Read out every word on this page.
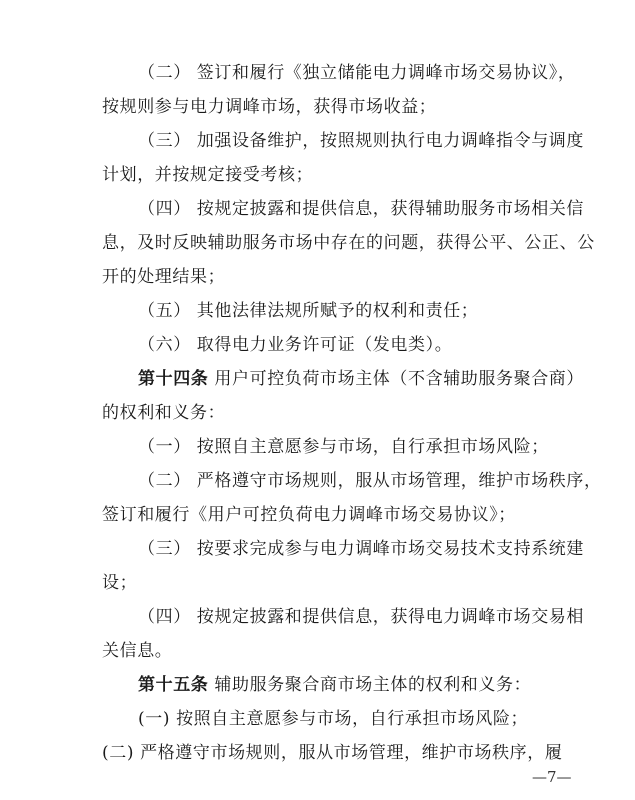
（二） 签订和履行《独立储能电力调峰市场交易协议》，
按规则参与电力调峰市场，获得市场收益；
（三） 加强设备维护，按照规则执行电力调峰指令与调度
计划，并按规定接受考核；
（四） 按规定披露和提供信息，获得辅助服务市场相关信
息，及时反映辅助服务市场中存在的问题，获得公平、公正、公
开的处理结果；
（五） 其他法律法规所赋予的权利和责任；
（六） 取得电力业务许可证（发电类）。
第十四条 用户可控负荷市场主体（不含辅助服务聚合商）
的权利和义务：
（一） 按照自主意愿参与市场，自行承担市场风险；
（二） 严格遵守市场规则，服从市场管理，维护市场秩序，
签订和履行《用户可控负荷电力调峰市场交易协议》；
（三） 按要求完成参与电力调峰市场交易技术支持系统建
设；
（四） 按规定披露和提供信息，获得电力调峰市场交易相
关信息。
第十五条 辅助服务聚合商市场主体的权利和义务：
(一) 按照自主意愿参与市场，自行承担市场风险；
(二) 严格遵守市场规则，服从市场管理，维护市场秩序，履
—7—
